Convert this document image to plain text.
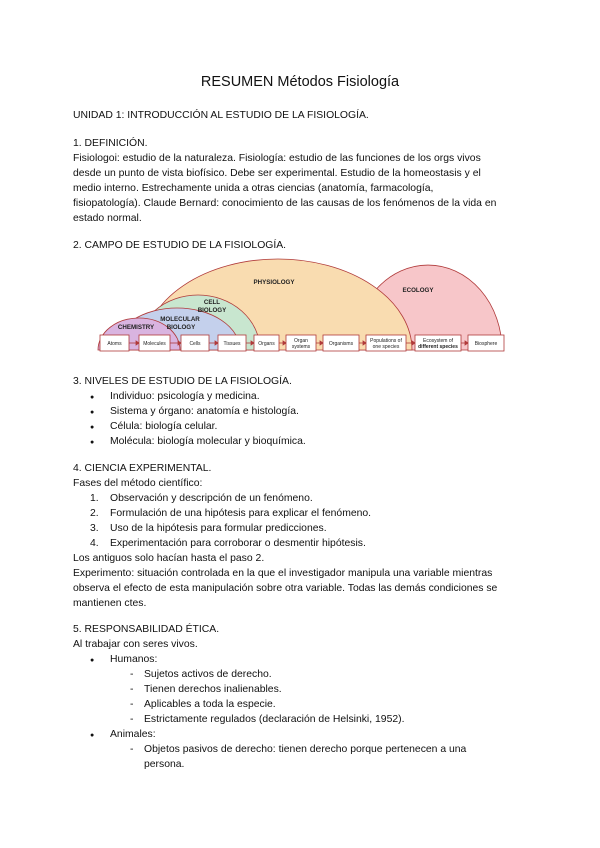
RESUMEN Métodos Fisiología

UNIDAD 1: INTRODUCCIÓN AL ESTUDIO DE LA FISIOLOGÍA.

1. DEFINICIÓN.

Fisiologoi: estudio de la naturaleza. Fisiología: estudio de las funciones de los orgs vivos

desde un punto de vista biofísico. Debe ser experimental. Estudio de la homeostasis y el

medio interno. Estrechamente unida a otras ciencias (anatomía, farmacología,

fisiopatología). Claude Bernard: conocimiento de las causas de los fenómenos de la vida en

estado normal.

2. CAMPO DE ESTUDIO DE LA FISIOLOGÍA.

PHYSIOLOGY
ECOLOGY
CELL
BIOLOGY
MOLECULAR
BIOLOGY
CHEMISTRY
Atoms	Molecules	Cells	Tissues	Organs	Organ
systems	Organisms	Populations of
one species
Ecosystem of
different species	Biosphere

3. NIVELES DE ESTUDIO DE LA FISIOLOGÍA.

● Individuo: psicología y medicina.

● Sistema y órgano: anatomía e histología.

● Célula: biología celular.

● Molécula: biología molecular y bioquímica.

4. CIENCIA EXPERIMENTAL.

Fases del método científico:

1. Observación y descripción de un fenómeno.

2. Formulación de una hipótesis para explicar el fenómeno.

3. Uso de la hipótesis para formular predicciones.

4. Experimentación para corroborar o desmentir hipótesis.

Los antiguos solo hacían hasta el paso 2.

Experimento: situación controlada en la que el investigador manipula una variable mientras

observa el efecto de esta manipulación sobre otra variable. Todas las demás condiciones se

mantienen ctes.

5. RESPONSABILIDAD ÉTICA.

Al trabajar con seres vivos.

● Humanos:

- Sujetos activos de derecho.

- Tienen derechos inalienables.

- Aplicables a toda la especie.

- Estrictamente regulados (declaración de Helsinki, 1952).

● Animales:

- Objetos pasivos de derecho: tienen derecho porque pertenecen a una

persona.
